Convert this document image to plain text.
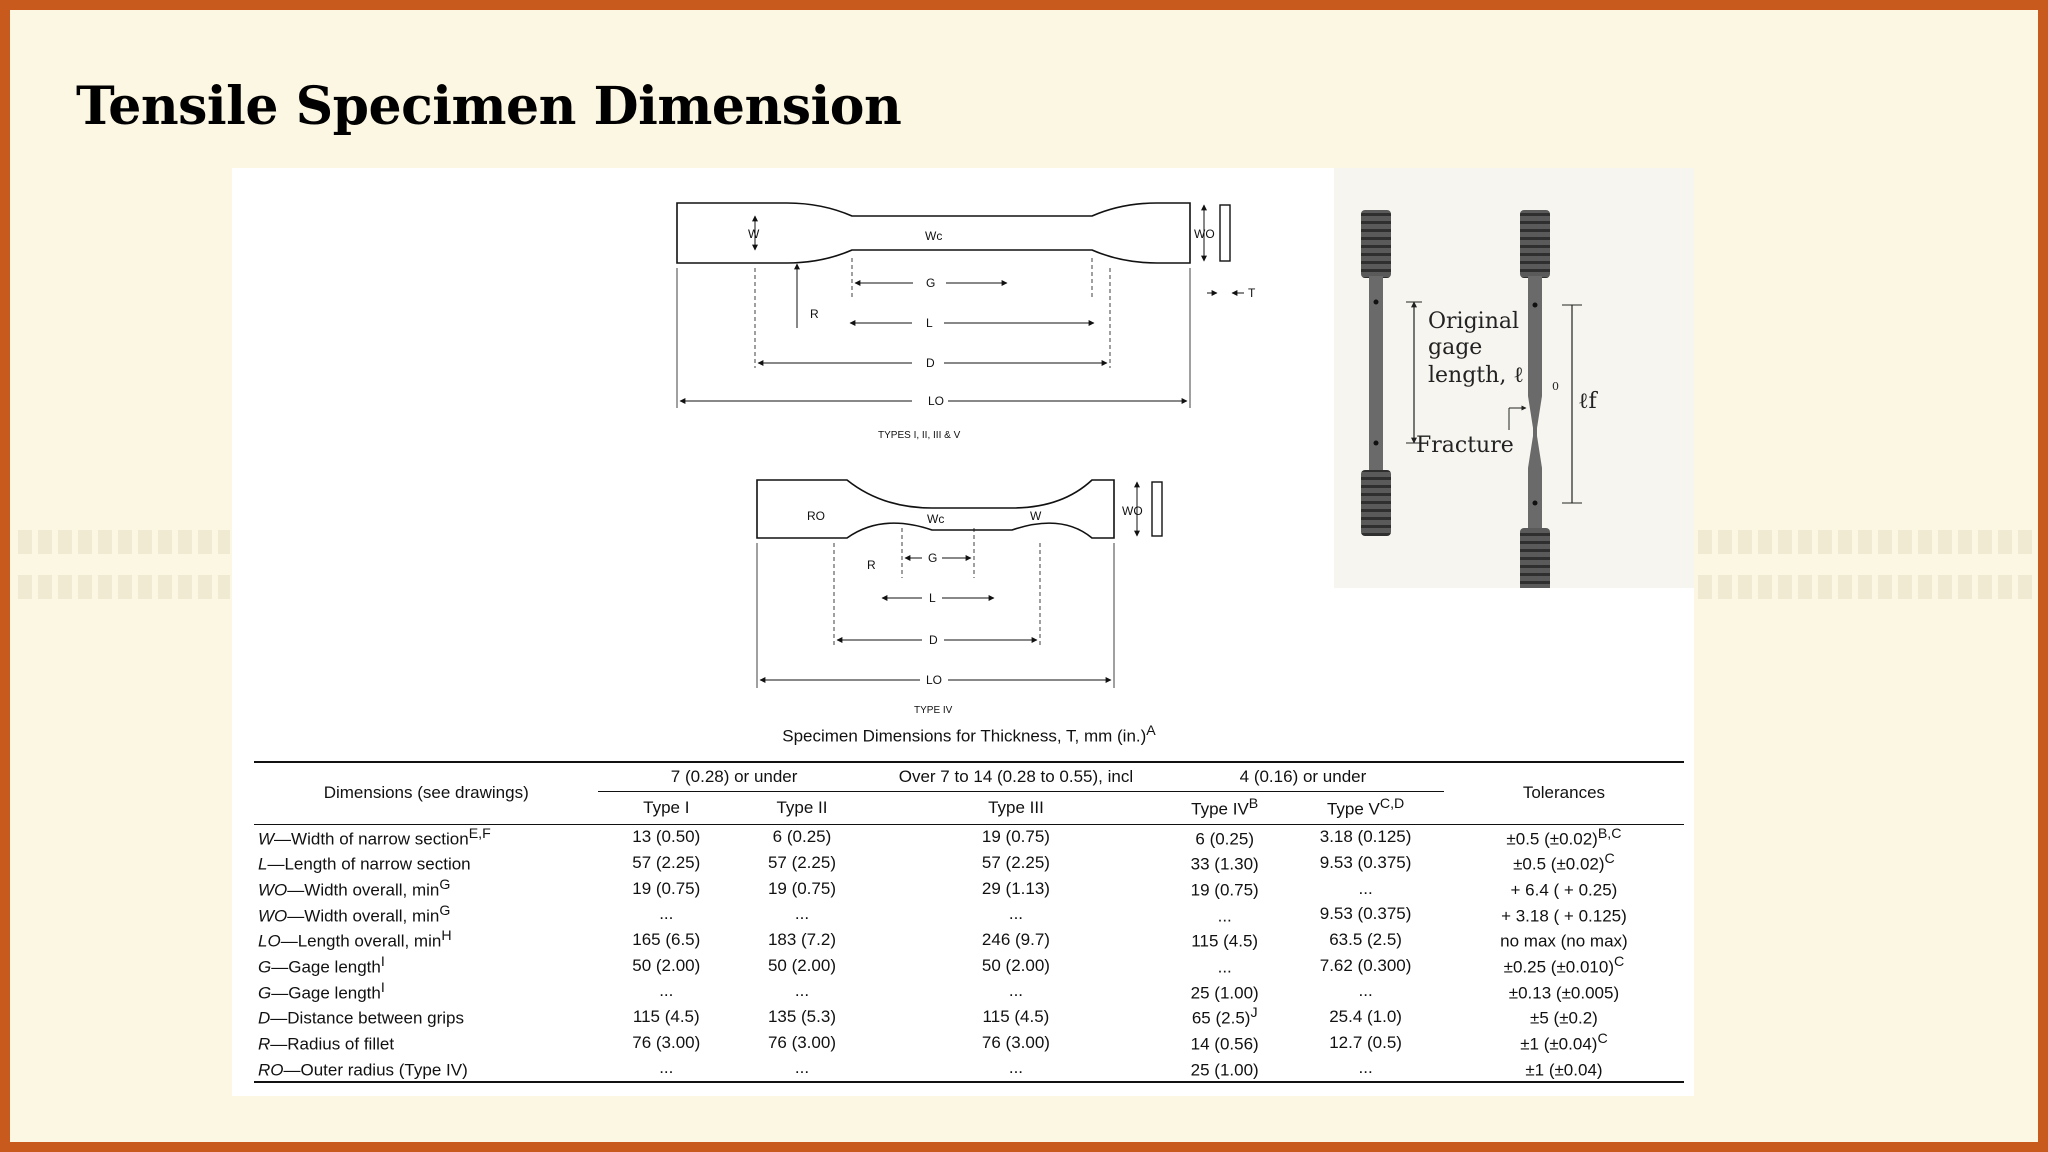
Tensile Specimen Dimension
W	Wc	WO
T
R
G
L
D
LO
TYPES I, II, III & V
WO
Wc	W
RO
R	G
L
D
LO
TYPE IV
Original
gage
length, ℓ	0
ℓf
Fracture
Specimen Dimensions for Thickness, T, mm $(in.)^A$
Dimensions (see drawings)	7 (0.28) or under		Over 7 to 14 (0.28 to 0.55), incl	4 (0.16) or under		Tolerances
	Type I	Type II	Type III	Type $IV^B$	Type $V^{C,D}$
W—Width of narrow section$^{E,F}$	13 (0.50)	6 (0.25)	19 (0.75)	6 (0.25)	3.18 (0.125)	±0.5 $(\pm 0.02)^{B,C}$
L—Length of narrow section	57 (2.25)	57 (2.25)	57 (2.25)	33 (1.30)	9.53 (0.375)	±0.5 $(\pm 0.02)^C$
WO—Width overall, $\min^G$	19 (0.75)	19 (0.75)	29 (1.13)	19 (0.75)	...	+ 6.4 ( + 0.25)
WO—Width overall, $\min^G$	...	...	...	...	9.53 (0.375)	+ 3.18 ( + 0.125)
LO—Length overall, $\min^H$	165 (6.5)	183 (7.2)	246 (9.7)	115 (4.5)	63.5 (2.5)	no max (no max)
G—Gage length$^I$	50 (2.00)	50 (2.00)	50 (2.00)	...	7.62 (0.300)	±0.25 $(\pm 0.010)^C$
G—Gage length$^I$	...	...	...	25 (1.00)	...	±0.13 (±0.005)
D—Distance between grips	115 (4.5)	135 (5.3)	115 (4.5)	65 $(2.5)^J$	25.4 (1.0)	±5 (±0.2)
R—Radius of fillet	76 (3.00)	76 (3.00)	76 (3.00)	14 (0.56)	12.7 (0.5)	±1 $(\pm 0.04)^C$
RO—Outer radius (Type IV)	...	...	...	25 (1.00)	...	±1 (±0.04)
